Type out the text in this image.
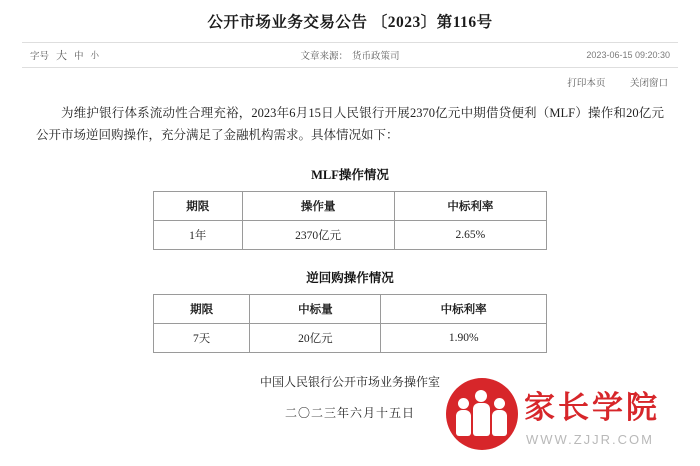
公开市场业务交易公告 〔2023〕第116号
字号 大 中 小	文章来源： 货币政策司	2023-06-15 09:20:30
打印本页	关闭窗口
为维护银行体系流动性合理充裕，2023年6月15日人民银行开展2370亿元中期借贷便利（MLF）操作和20亿元公开市场逆回购操作，充分满足了金融机构需求。具体情况如下：
MLF操作情况
期限	操作量	中标利率
1年	2370亿元	2.65%
逆回购操作情况
期限	中标量	中标利率
7天	20亿元	1.90%
中国人民银行公开市场业务操作室
二〇二三年六月十五日	家长学院
WWW.ZJJR.COM
